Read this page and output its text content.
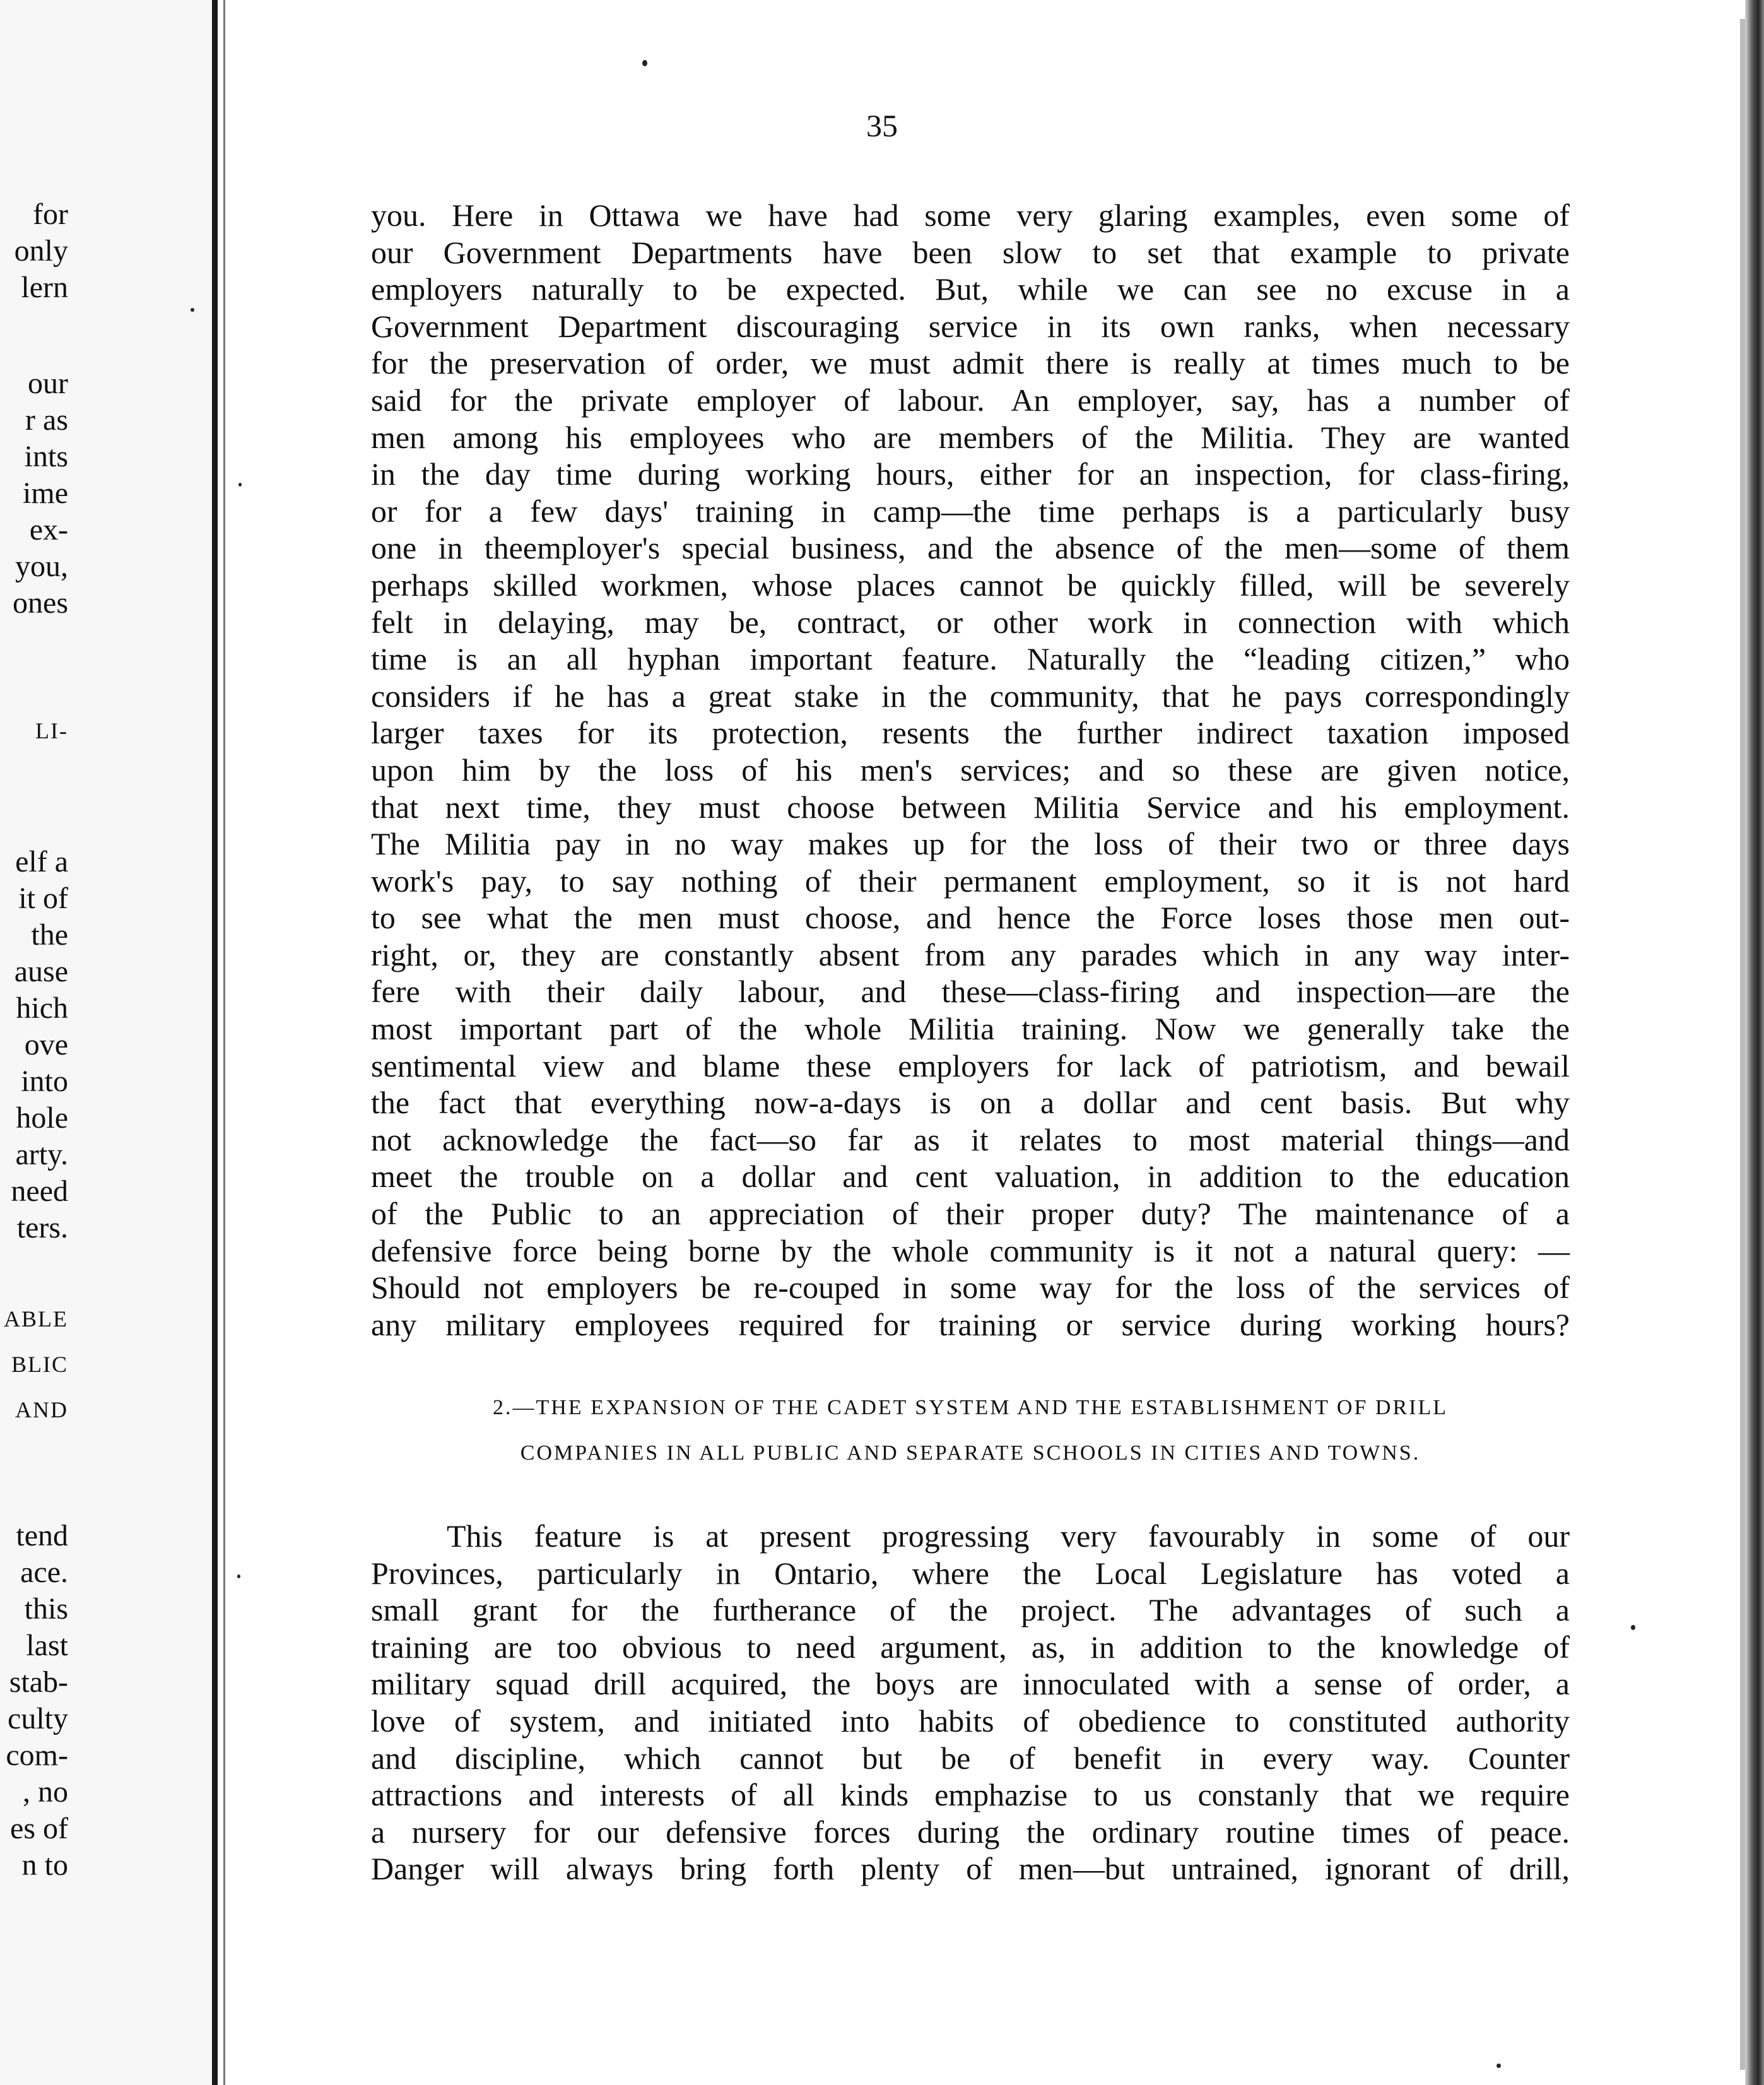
for
only
lern
our
r as
ints
ime
ex-
you,
ones
LI-
elf a
it of
the
ause
hich
ove
into
hole
arty.
need
ters.
ABLE
BLIC
AND
tend
ace.
this
last
stab-
culty
com-
, no
es of
n to
35
you. Here in Ottawa we have had some very glaring examples, even some of
our Government Departments have been slow to set that example to private
employers naturally to be expected. But, while we can see no excuse in a
Government Department discouraging service in its own ranks, when necessary
for the preservation of order, we must admit there is really at times much to be
said for the private employer of labour. An employer, say, has a number of
men among his employees who are members of the Militia. They are wanted
in the day time during working hours, either for an inspection, for class-firing,
or for a few days' training in camp—the time perhaps is a particularly busy
one in theemployer's special business, and the absence of the men—some of them
perhaps skilled workmen, whose places cannot be quickly filled, will be severely
felt in delaying, may be, contract, or other work in connection with which
time is an all hyphan important feature. Naturally the “leading citizen,” who
considers if he has a great stake in the community, that he pays correspondingly
larger taxes for its protection, resents the further indirect taxation imposed
upon him by the loss of his men's services; and so these are given notice,
that next time, they must choose between Militia Service and his employment.
The Militia pay in no way makes up for the loss of their two or three days
work's pay, to say nothing of their permanent employment, so it is not hard
to see what the men must choose, and hence the Force loses those men out-
right, or, they are constantly absent from any parades which in any way inter-
fere with their daily labour, and these—class-firing and inspection—are the
most important part of the whole Militia training. Now we generally take the
sentimental view and blame these employers for lack of patriotism, and bewail
the fact that everything now-a-days is on a dollar and cent basis. But why
not acknowledge the fact—so far as it relates to most material things—and
meet the trouble on a dollar and cent valuation, in addition to the education
of the Public to an appreciation of their proper duty? The maintenance of a
defensive force being borne by the whole community is it not a natural query: —
Should not employers be re-couped in some way for the loss of the services of
any military employees required for training or service during working hours?
2.—THE EXPANSION OF THE CADET SYSTEM AND THE ESTABLISHMENT OF DRILL
COMPANIES IN ALL PUBLIC AND SEPARATE SCHOOLS IN CITIES AND TOWNS.
This feature is at present progressing very favourably in some of our
Provinces, particularly in Ontario, where the Local Legislature has voted a
small grant for the furtherance of the project. The advantages of such a
training are too obvious to need argument, as, in addition to the knowledge of
military squad drill acquired, the boys are innoculated with a sense of order, a
love of system, and initiated into habits of obedience to constituted authority
and discipline, which cannot but be of benefit in every way. Counter
attractions and interests of all kinds emphazise to us constanly that we require
a nursery for our defensive forces during the ordinary routine times of peace.
Danger will always bring forth plenty of men—but untrained, ignorant of drill,
